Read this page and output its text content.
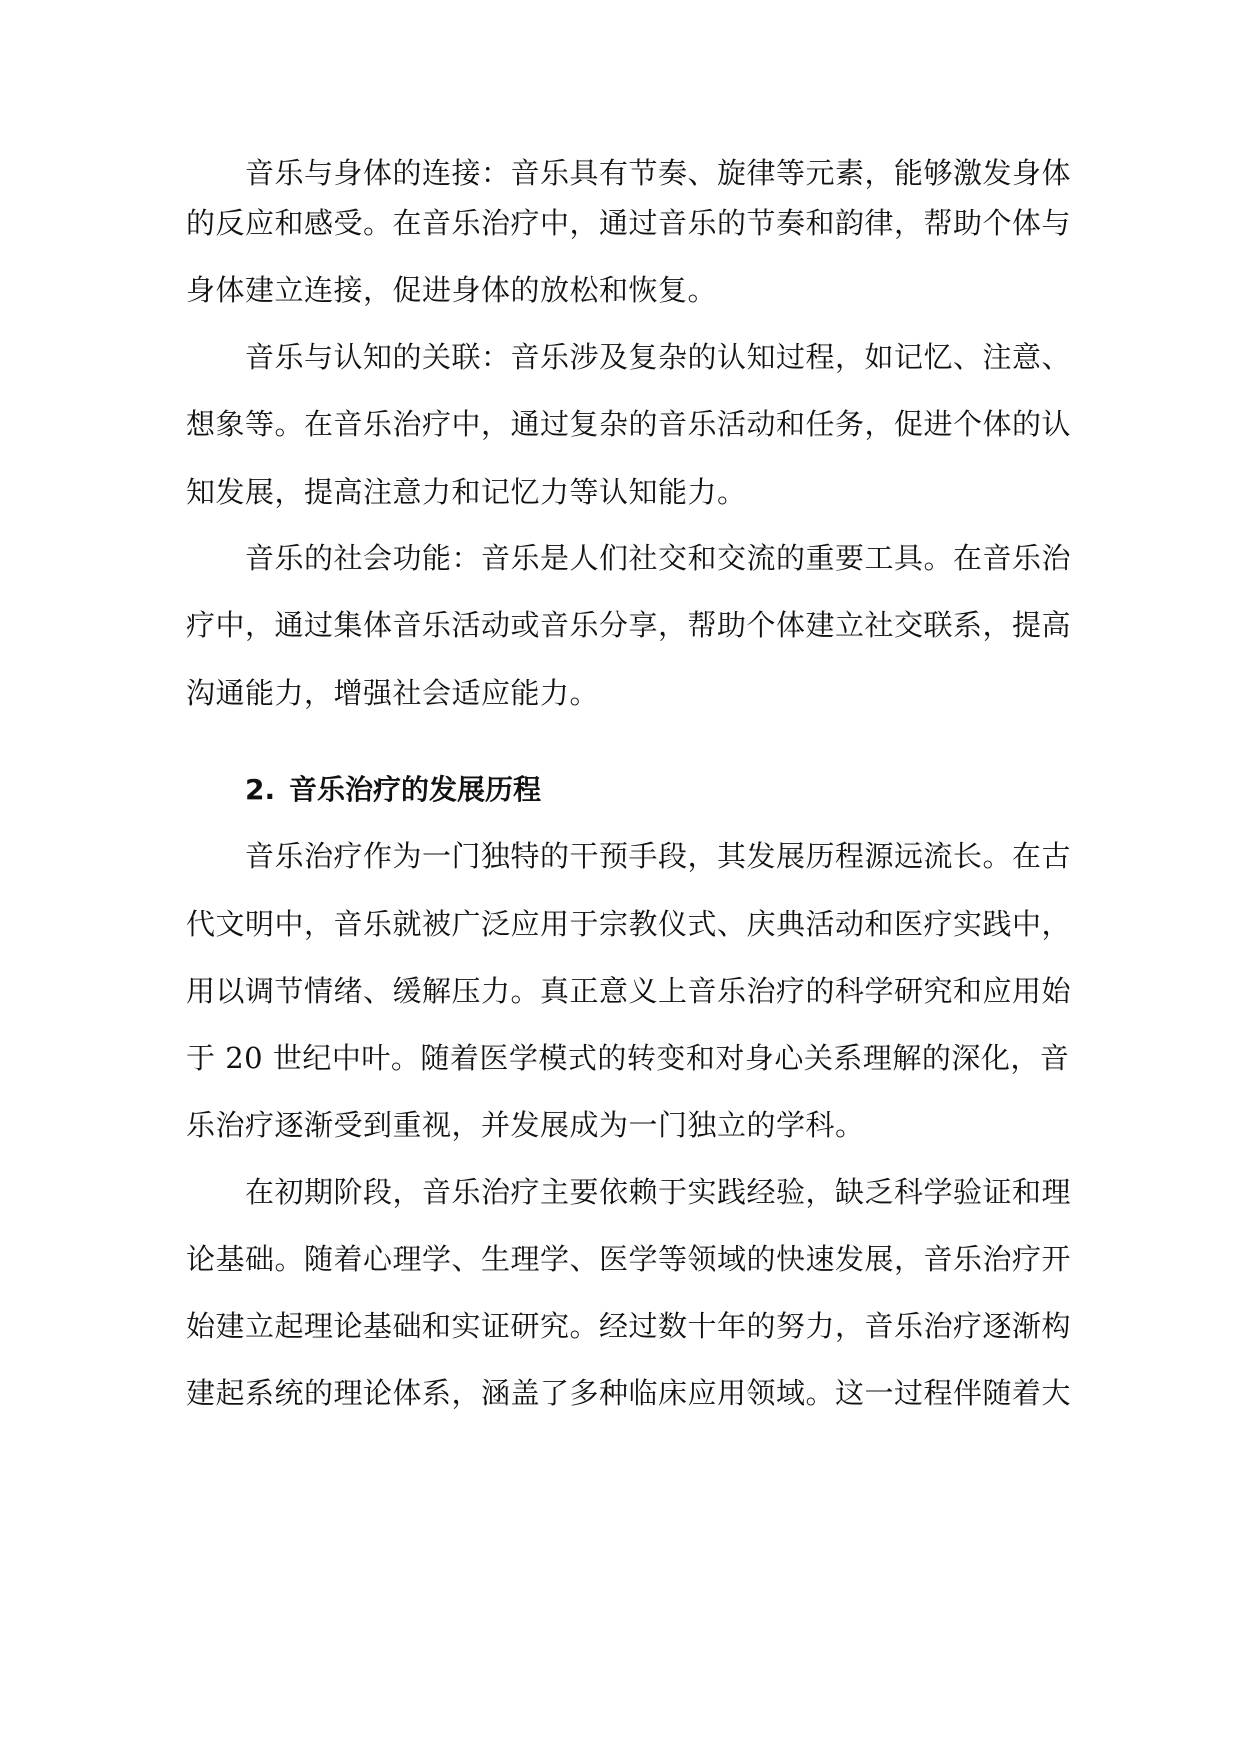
音乐与身体的连接：音乐具有节奏、旋律等元素，能够激发身体
的反应和感受。在音乐治疗中，通过音乐的节奏和韵律，帮助个体与
身体建立连接，促进身体的放松和恢复。
音乐与认知的关联：音乐涉及复杂的认知过程，如记忆、注意、
想象等。在音乐治疗中，通过复杂的音乐活动和任务，促进个体的认
知发展，提高注意力和记忆力等认知能力。
音乐的社会功能：音乐是人们社交和交流的重要工具。在音乐治
疗中，通过集体音乐活动或音乐分享，帮助个体建立社交联系，提高
沟通能力，增强社会适应能力。
2. 音乐治疗的发展历程
音乐治疗作为一门独特的干预手段，其发展历程源远流长。在古
代文明中，音乐就被广泛应用于宗教仪式、庆典活动和医疗实践中，
用以调节情绪、缓解压力。真正意义上音乐治疗的科学研究和应用始
于 20 世纪中叶。随着医学模式的转变和对身心关系理解的深化，音
乐治疗逐渐受到重视，并发展成为一门独立的学科。
在初期阶段，音乐治疗主要依赖于实践经验，缺乏科学验证和理
论基础。随着心理学、生理学、医学等领域的快速发展，音乐治疗开
始建立起理论基础和实证研究。经过数十年的努力，音乐治疗逐渐构
建起系统的理论体系，涵盖了多种临床应用领域。这一过程伴随着大
